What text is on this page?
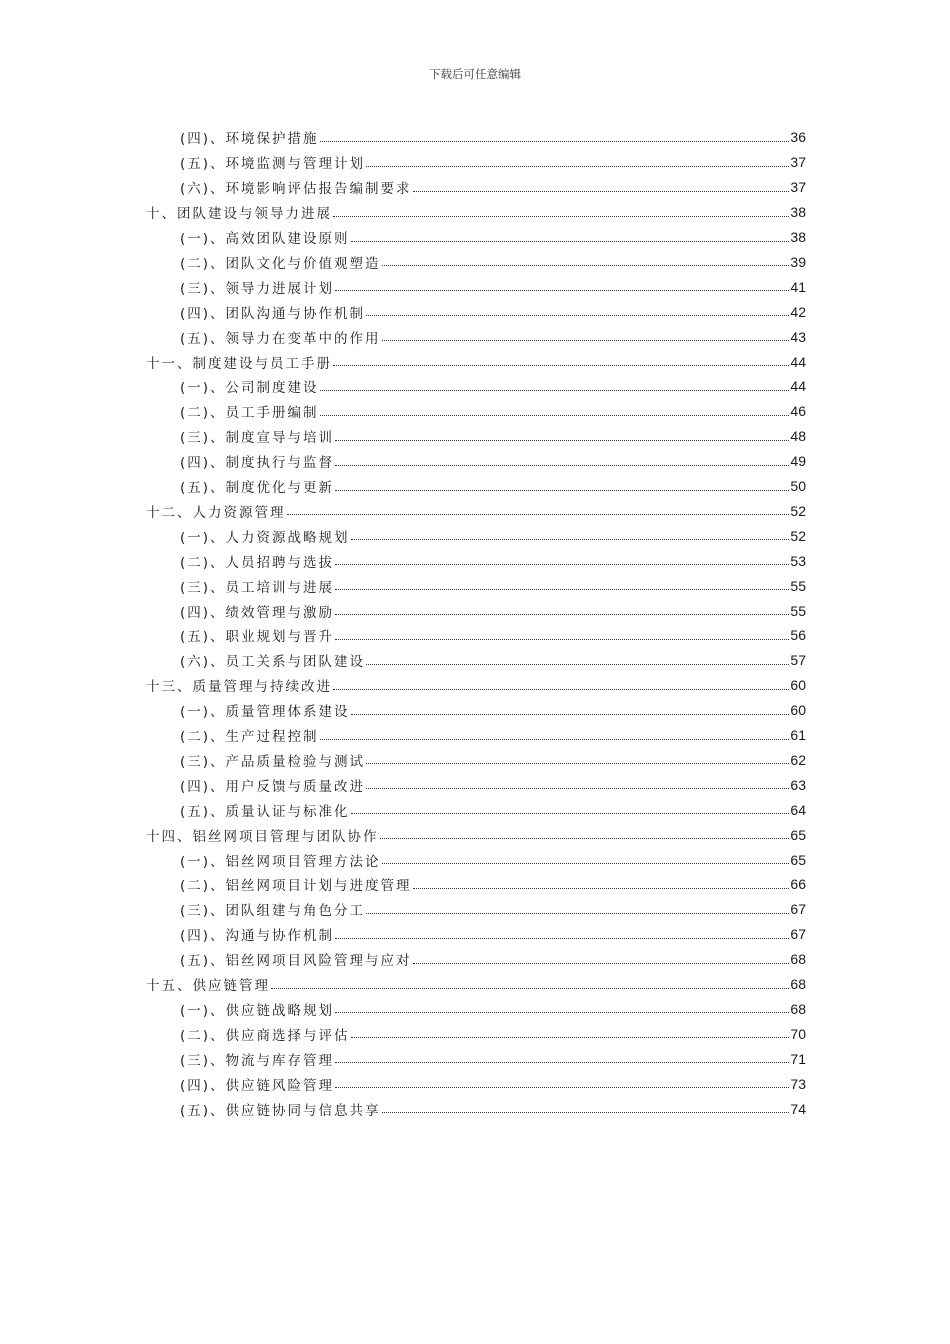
下载后可任意编辑
(四)、环境保护措施	36
(五)、环境监测与管理计划	37
(六)、环境影响评估报告编制要求	37
十、团队建设与领导力进展	38
(一)、高效团队建设原则	38
(二)、团队文化与价值观塑造	39
(三)、领导力进展计划	41
(四)、团队沟通与协作机制	42
(五)、领导力在变革中的作用	43
十一、制度建设与员工手册	44
(一)、公司制度建设	44
(二)、员工手册编制	46
(三)、制度宣导与培训	48
(四)、制度执行与监督	49
(五)、制度优化与更新	50
十二、人力资源管理	52
(一)、人力资源战略规划	52
(二)、人员招聘与选拔	53
(三)、员工培训与进展	55
(四)、绩效管理与激励	55
(五)、职业规划与晋升	56
(六)、员工关系与团队建设	57
十三、质量管理与持续改进	60
(一)、质量管理体系建设	60
(二)、生产过程控制	61
(三)、产品质量检验与测试	62
(四)、用户反馈与质量改进	63
(五)、质量认证与标准化	64
十四、铝丝网项目管理与团队协作	65
(一)、铝丝网项目管理方法论	65
(二)、铝丝网项目计划与进度管理	66
(三)、团队组建与角色分工	67
(四)、沟通与协作机制	67
(五)、铝丝网项目风险管理与应对	68
十五、供应链管理	68
(一)、供应链战略规划	68
(二)、供应商选择与评估	70
(三)、物流与库存管理	71
(四)、供应链风险管理	73
(五)、供应链协同与信息共享	74
